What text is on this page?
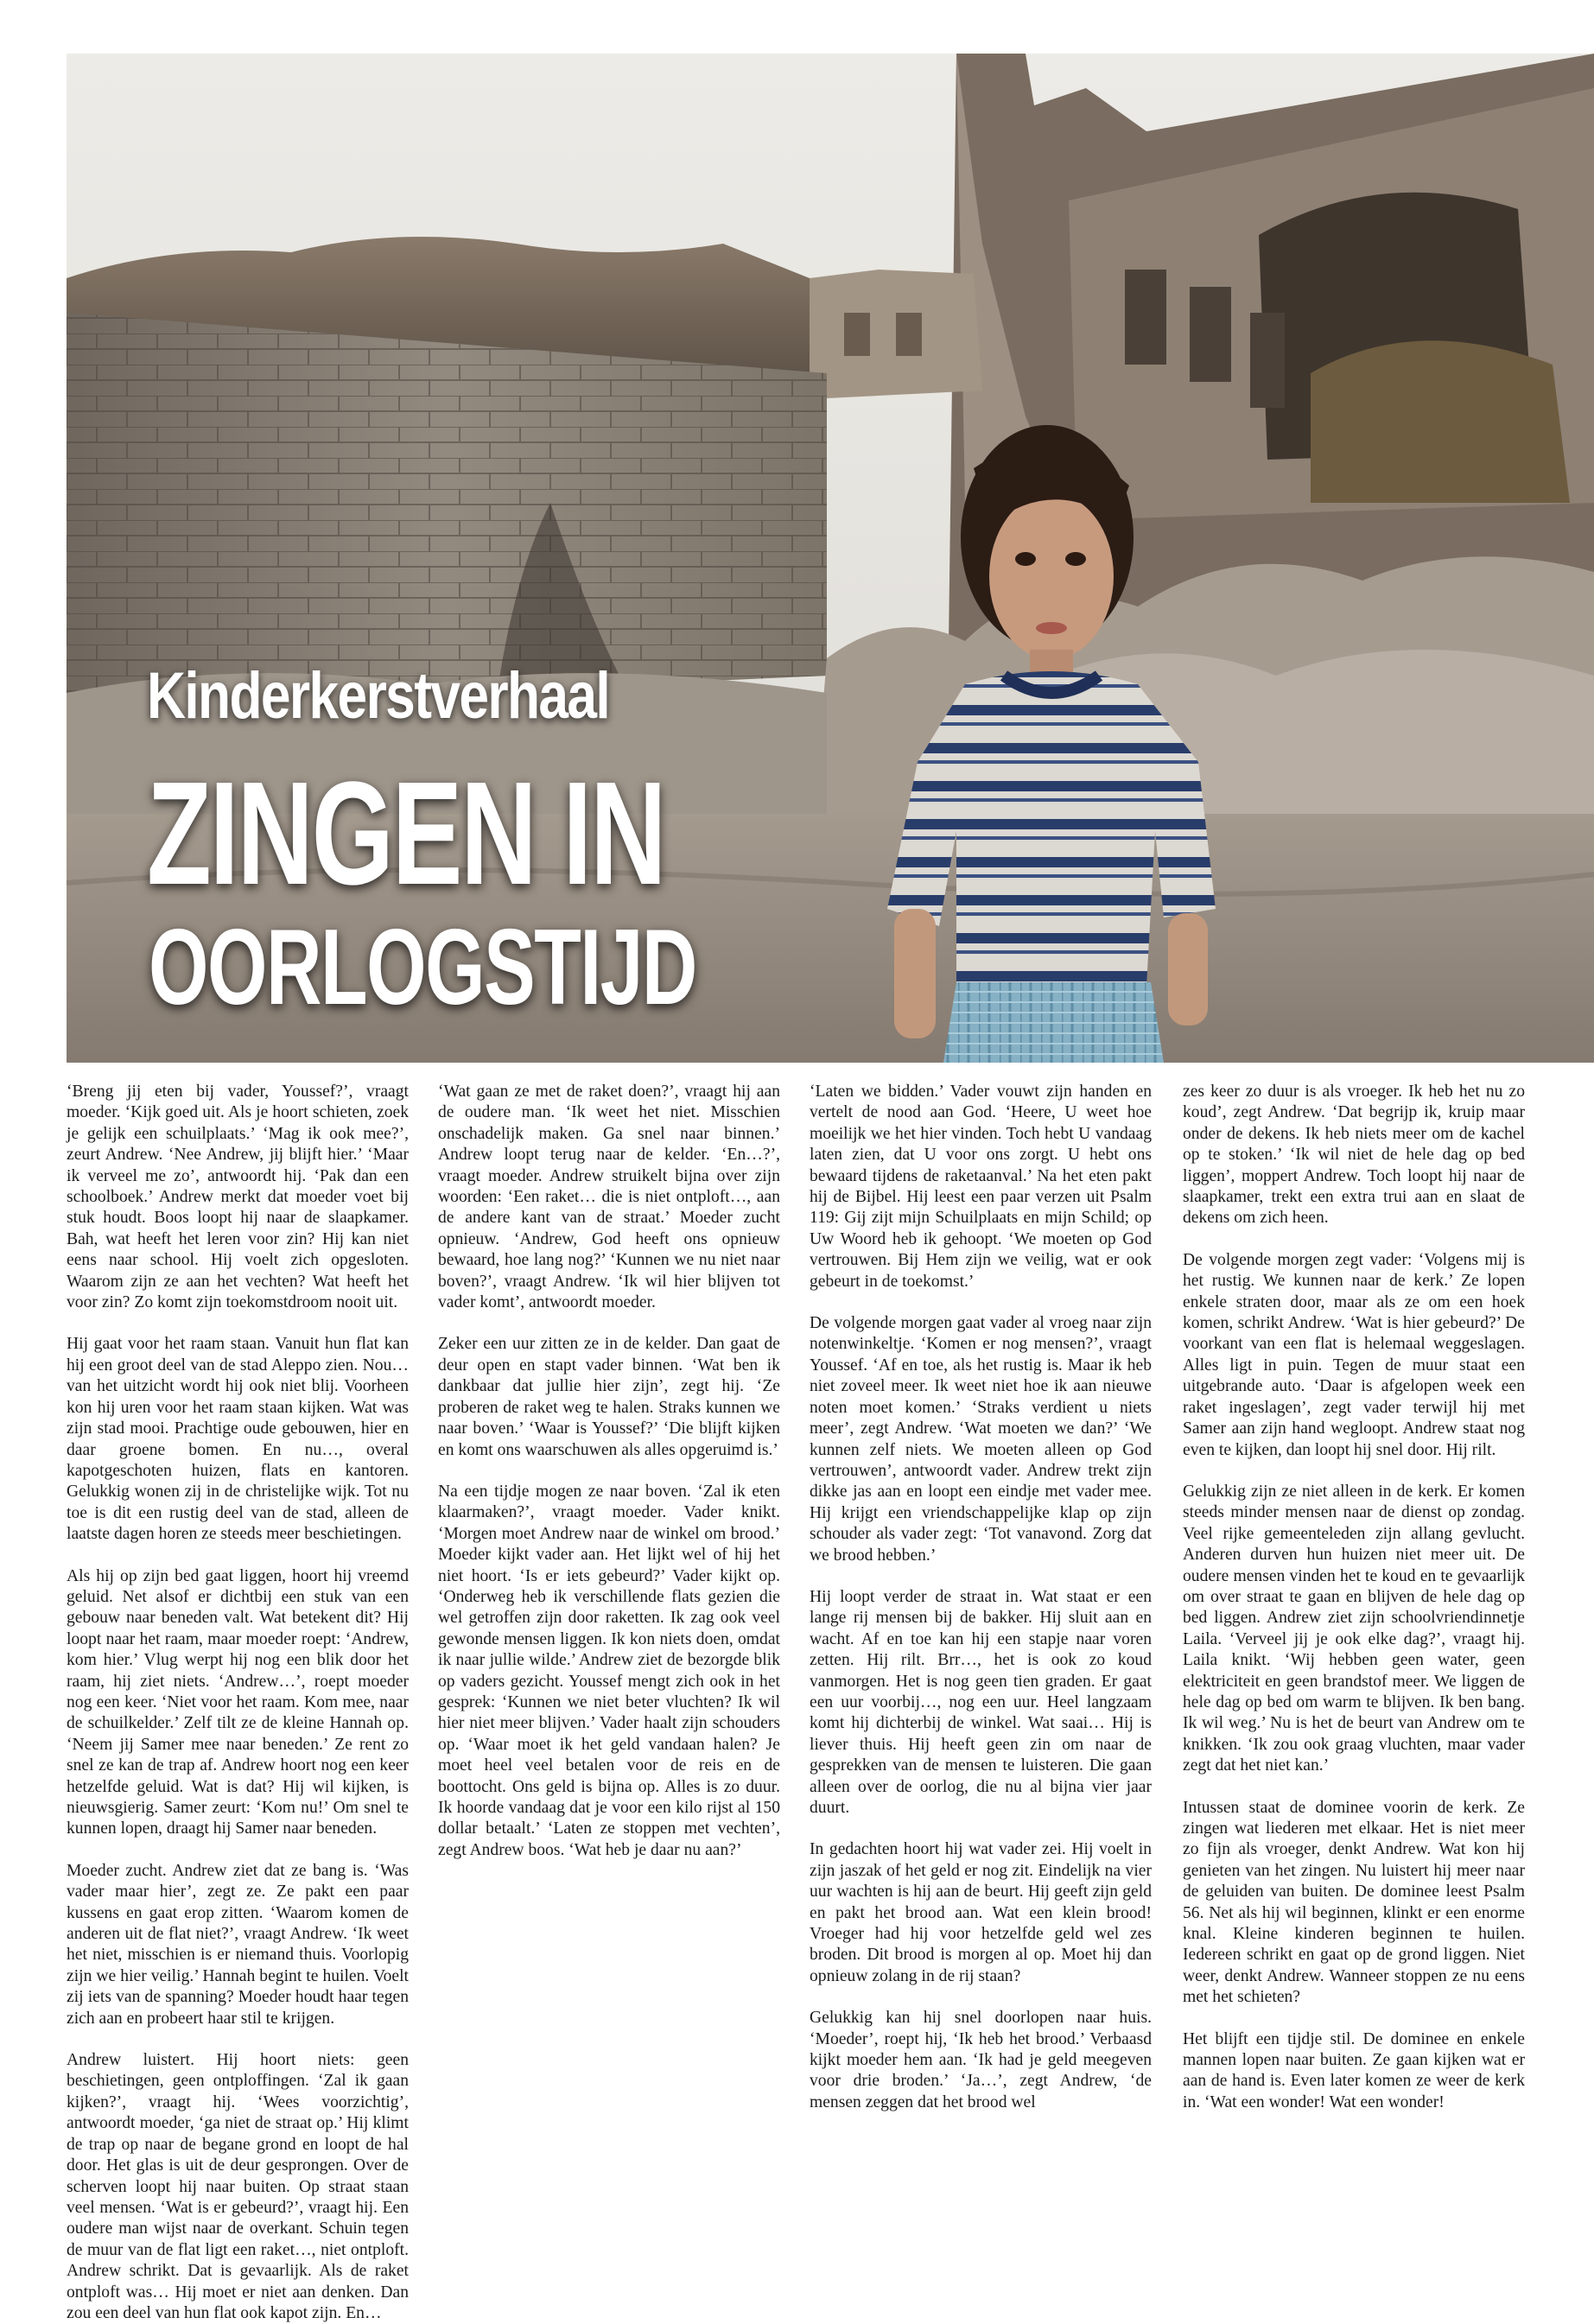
Kinderkerstverhaal
ZINGEN IN
OORLOGSTIJD

‘Breng jij eten bij vader, Youssef?’, vraagt moeder. ‘Kijk goed uit. Als je hoort schieten, zoek je gelijk een schuilplaats.’ ‘Mag ik ook mee?’, zeurt Andrew. ‘Nee Andrew, jij blijft hier.’ ‘Maar ik verveel me zo’, antwoordt hij. ‘Pak dan een schoolboek.’ Andrew merkt dat moeder voet bij stuk houdt. Boos loopt hij naar de slaapkamer. Bah, wat heeft het leren voor zin? Hij kan niet eens naar school. Hij voelt zich opgesloten. Waarom zijn ze aan het vechten? Wat heeft het voor zin? Zo komt zijn toekomstdroom nooit uit.

Hij gaat voor het raam staan. Vanuit hun flat kan hij een groot deel van de stad Aleppo zien. Nou… van het uitzicht wordt hij ook niet blij. Voorheen kon hij uren voor het raam staan kijken. Wat was zijn stad mooi. Prachtige oude gebouwen, hier en daar groene bomen. En nu…, overal kapotgeschoten huizen, flats en kantoren. Gelukkig wonen zij in de christelijke wijk. Tot nu toe is dit een rustig deel van de stad, alleen de laatste dagen horen ze steeds meer beschietingen.

Als hij op zijn bed gaat liggen, hoort hij vreemd geluid. Net alsof er dichtbij een stuk van een gebouw naar beneden valt. Wat betekent dit? Hij loopt naar het raam, maar moeder roept: ‘Andrew, kom hier.’ Vlug werpt hij nog een blik door het raam, hij ziet niets. ‘Andrew…’, roept moeder nog een keer. ‘Niet voor het raam. Kom mee, naar de schuilkelder.’ Zelf tilt ze de kleine Hannah op. ‘Neem jij Samer mee naar beneden.’ Ze rent zo snel ze kan de trap af. Andrew hoort nog een keer hetzelfde geluid. Wat is dat? Hij wil kijken, is nieuwsgierig. Samer zeurt: ‘Kom nu!’ Om snel te kunnen lopen, draagt hij Samer naar beneden.

Moeder zucht. Andrew ziet dat ze bang is. ‘Was vader maar hier’, zegt ze. Ze pakt een paar kussens en gaat erop zitten. ‘Waarom komen de anderen uit de flat niet?’, vraagt Andrew. ‘Ik weet het niet, misschien is er niemand thuis. Voorlopig zijn we hier veilig.’ Hannah begint te huilen. Voelt zij iets van de spanning? Moeder houdt haar tegen zich aan en probeert haar stil te krijgen.

Andrew luistert. Hij hoort niets: geen beschietingen, geen ontploffingen. ‘Zal ik gaan kijken?’, vraagt hij. ‘Wees voorzichtig’, antwoordt moeder, ‘ga niet de straat op.’ Hij klimt de trap op naar de begane grond en loopt de hal door. Het glas is uit de deur gesprongen. Over de scherven loopt hij naar buiten. Op straat staan veel mensen. ‘Wat is er gebeurd?’, vraagt hij. Een oudere man wijst naar de overkant. Schuin tegen de muur van de flat ligt een raket…, niet ontploft. Andrew schrikt. Dat is gevaarlijk. Als de raket ontploft was… Hij moet er niet aan denken. Dan zou een deel van hun flat ook kapot zijn. En…

‘Wat gaan ze met de raket doen?’, vraagt hij aan de oudere man. ‘Ik weet het niet. Misschien onschadelijk maken. Ga snel naar binnen.’ Andrew loopt terug naar de kelder. ‘En…?’, vraagt moeder. Andrew struikelt bijna over zijn woorden: ‘Een raket… die is niet ontploft…, aan de andere kant van de straat.’ Moeder zucht opnieuw. ‘Andrew, God heeft ons opnieuw bewaard, hoe lang nog?’ ‘Kunnen we nu niet naar boven?’, vraagt Andrew. ‘Ik wil hier blijven tot vader komt’, antwoordt moeder.

Zeker een uur zitten ze in de kelder. Dan gaat de deur open en stapt vader binnen. ‘Wat ben ik dankbaar dat jullie hier zijn’, zegt hij. ‘Ze proberen de raket weg te halen. Straks kunnen we naar boven.’ ‘Waar is Youssef?’ ‘Die blijft kijken en komt ons waarschuwen als alles opgeruimd is.’

Na een tijdje mogen ze naar boven. ‘Zal ik eten klaarmaken?’, vraagt moeder. Vader knikt. ‘Morgen moet Andrew naar de winkel om brood.’ Moeder kijkt vader aan. Het lijkt wel of hij het niet hoort. ‘Is er iets gebeurd?’ Vader kijkt op. ‘Onderweg heb ik verschillende flats gezien die wel getroffen zijn door raketten. Ik zag ook veel gewonde mensen liggen. Ik kon niets doen, omdat ik naar jullie wilde.’ Andrew ziet de bezorgde blik op vaders gezicht. Youssef mengt zich ook in het gesprek: ‘Kunnen we niet beter vluchten? Ik wil hier niet meer blijven.’ Vader haalt zijn schouders op. ‘Waar moet ik het geld vandaan halen? Je moet heel veel betalen voor de reis en de boottocht. Ons geld is bijna op. Alles is zo duur. Ik hoorde vandaag dat je voor een kilo rijst al 150 dollar betaalt.’ ‘Laten ze stoppen met vechten’, zegt Andrew boos. ‘Wat heb je daar nu aan?’

‘Laten we bidden.’ Vader vouwt zijn handen en vertelt de nood aan God. ‘Heere, U weet hoe moeilijk we het hier vinden. Toch hebt U vandaag laten zien, dat U voor ons zorgt. U hebt ons bewaard tijdens de raketaanval.’ Na het eten pakt hij de Bijbel. Hij leest een paar verzen uit Psalm 119: Gij zijt mijn Schuilplaats en mijn Schild; op Uw Woord heb ik gehoopt. ‘We moeten op God vertrouwen. Bij Hem zijn we veilig, wat er ook gebeurt in de toekomst.’

De volgende morgen gaat vader al vroeg naar zijn notenwinkeltje. ‘Komen er nog mensen?’, vraagt Youssef. ‘Af en toe, als het rustig is. Maar ik heb niet zoveel meer. Ik weet niet hoe ik aan nieuwe noten moet komen.’ ‘Straks verdient u niets meer’, zegt Andrew. ‘Wat moeten we dan?’ ‘We kunnen zelf niets. We moeten alleen op God vertrouwen’, antwoordt vader. Andrew trekt zijn dikke jas aan en loopt een eindje met vader mee. Hij krijgt een vriendschappelijke klap op zijn schouder als vader zegt: ‘Tot vanavond. Zorg dat we brood hebben.’

Hij loopt verder de straat in. Wat staat er een lange rij mensen bij de bakker. Hij sluit aan en wacht. Af en toe kan hij een stapje naar voren zetten. Hij rilt. Brr…, het is ook zo koud vanmorgen. Het is nog geen tien graden. Er gaat een uur voorbij…, nog een uur. Heel langzaam komt hij dichterbij de winkel. Wat saai… Hij is liever thuis. Hij heeft geen zin om naar de gesprekken van de mensen te luisteren. Die gaan alleen over de oorlog, die nu al bijna vier jaar duurt.

In gedachten hoort hij wat vader zei. Hij voelt in zijn jaszak of het geld er nog zit. Eindelijk na vier uur wachten is hij aan de beurt. Hij geeft zijn geld en pakt het brood aan. Wat een klein brood! Vroeger had hij voor hetzelfde geld wel zes broden. Dit brood is morgen al op. Moet hij dan opnieuw zolang in de rij staan?

Gelukkig kan hij snel doorlopen naar huis. ‘Moeder’, roept hij, ‘Ik heb het brood.’ Verbaasd kijkt moeder hem aan. ‘Ik had je geld meegeven voor drie broden.’ ‘Ja…’, zegt Andrew, ‘de mensen zeggen dat het brood wel

zes keer zo duur is als vroeger. Ik heb het nu zo koud’, zegt Andrew. ‘Dat begrijp ik, kruip maar onder de dekens. Ik heb niets meer om de kachel op te stoken.’ ‘Ik wil niet de hele dag op bed liggen’, moppert Andrew. Toch loopt hij naar de slaapkamer, trekt een extra trui aan en slaat de dekens om zich heen.

De volgende morgen zegt vader: ‘Volgens mij is het rustig. We kunnen naar de kerk.’ Ze lopen enkele straten door, maar als ze om een hoek komen, schrikt Andrew. ‘Wat is hier gebeurd?’ De voorkant van een flat is helemaal weggeslagen. Alles ligt in puin. Tegen de muur staat een uitgebrande auto. ‘Daar is afgelopen week een raket ingeslagen’, zegt vader terwijl hij met Samer aan zijn hand wegloopt. Andrew staat nog even te kijken, dan loopt hij snel door. Hij rilt.

Gelukkig zijn ze niet alleen in de kerk. Er komen steeds minder mensen naar de dienst op zondag. Veel rijke gemeenteleden zijn allang gevlucht. Anderen durven hun huizen niet meer uit. De oudere mensen vinden het te koud en te gevaarlijk om over straat te gaan en blijven de hele dag op bed liggen. Andrew ziet zijn schoolvriendinnetje Laila. ‘Verveel jij je ook elke dag?’, vraagt hij. Laila knikt. ‘Wij hebben geen water, geen elektriciteit en geen brandstof meer. We liggen de hele dag op bed om warm te blijven. Ik ben bang. Ik wil weg.’ Nu is het de beurt van Andrew om te knikken. ‘Ik zou ook graag vluchten, maar vader zegt dat het niet kan.’

Intussen staat de dominee voorin de kerk. Ze zingen wat liederen met elkaar. Het is niet meer zo fijn als vroeger, denkt Andrew. Wat kon hij genieten van het zingen. Nu luistert hij meer naar de geluiden van buiten. De dominee leest Psalm 56. Net als hij wil beginnen, klinkt er een enorme knal. Kleine kinderen beginnen te huilen. Iedereen schrikt en gaat op de grond liggen. Niet weer, denkt Andrew. Wanneer stoppen ze nu eens met het schieten?

Het blijft een tijdje stil. De dominee en enkele mannen lopen naar buiten. Ze gaan kijken wat er aan de hand is. Even later komen ze weer de kerk in. ‘Wat een wonder! Wat een wonder!
